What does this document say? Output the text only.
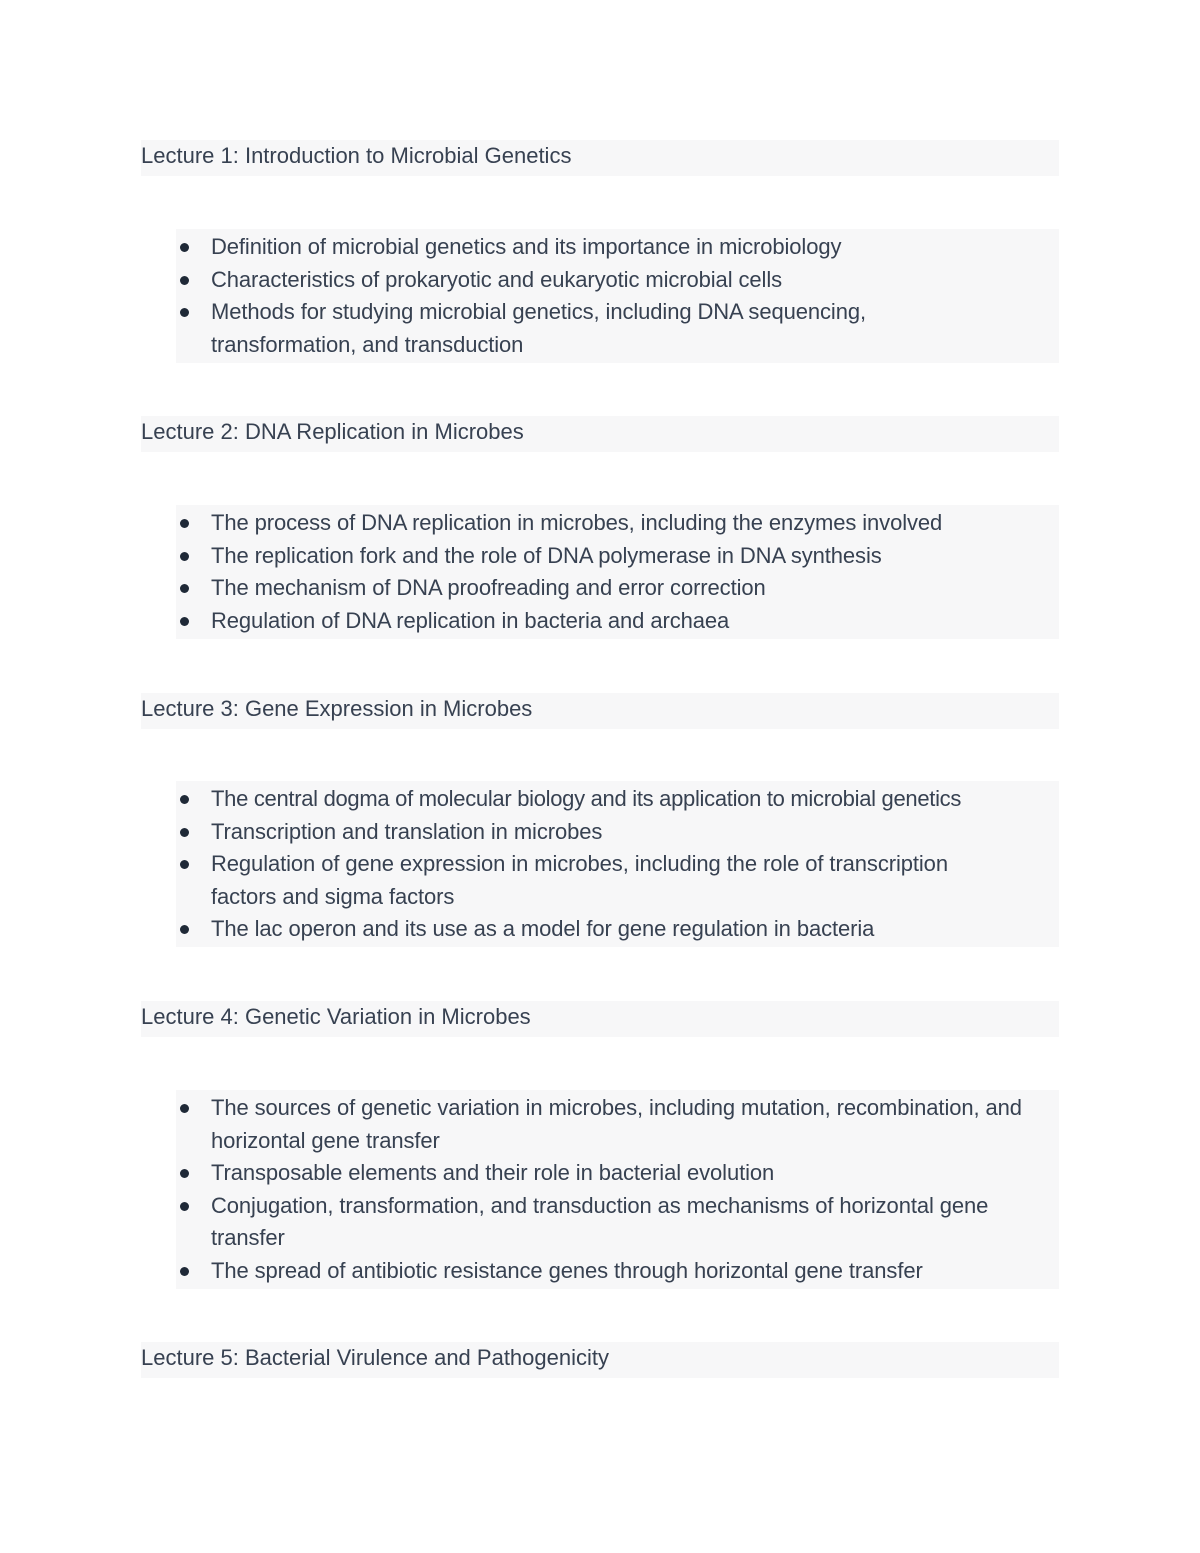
Lecture 1: Introduction to Microbial Genetics
Definition of microbial genetics and its importance in microbiology
Characteristics of prokaryotic and eukaryotic microbial cells
Methods for studying microbial genetics, including DNA sequencing, transformation, and transduction
Lecture 2: DNA Replication in Microbes
The process of DNA replication in microbes, including the enzymes involved
The replication fork and the role of DNA polymerase in DNA synthesis
The mechanism of DNA proofreading and error correction
Regulation of DNA replication in bacteria and archaea
Lecture 3: Gene Expression in Microbes
The central dogma of molecular biology and its application to microbial genetics
Transcription and translation in microbes
Regulation of gene expression in microbes, including the role of transcription factors and sigma factors
The lac operon and its use as a model for gene regulation in bacteria
Lecture 4: Genetic Variation in Microbes
The sources of genetic variation in microbes, including mutation, recombination, and horizontal gene transfer
Transposable elements and their role in bacterial evolution
Conjugation, transformation, and transduction as mechanisms of horizontal gene transfer
The spread of antibiotic resistance genes through horizontal gene transfer
Lecture 5: Bacterial Virulence and Pathogenicity
